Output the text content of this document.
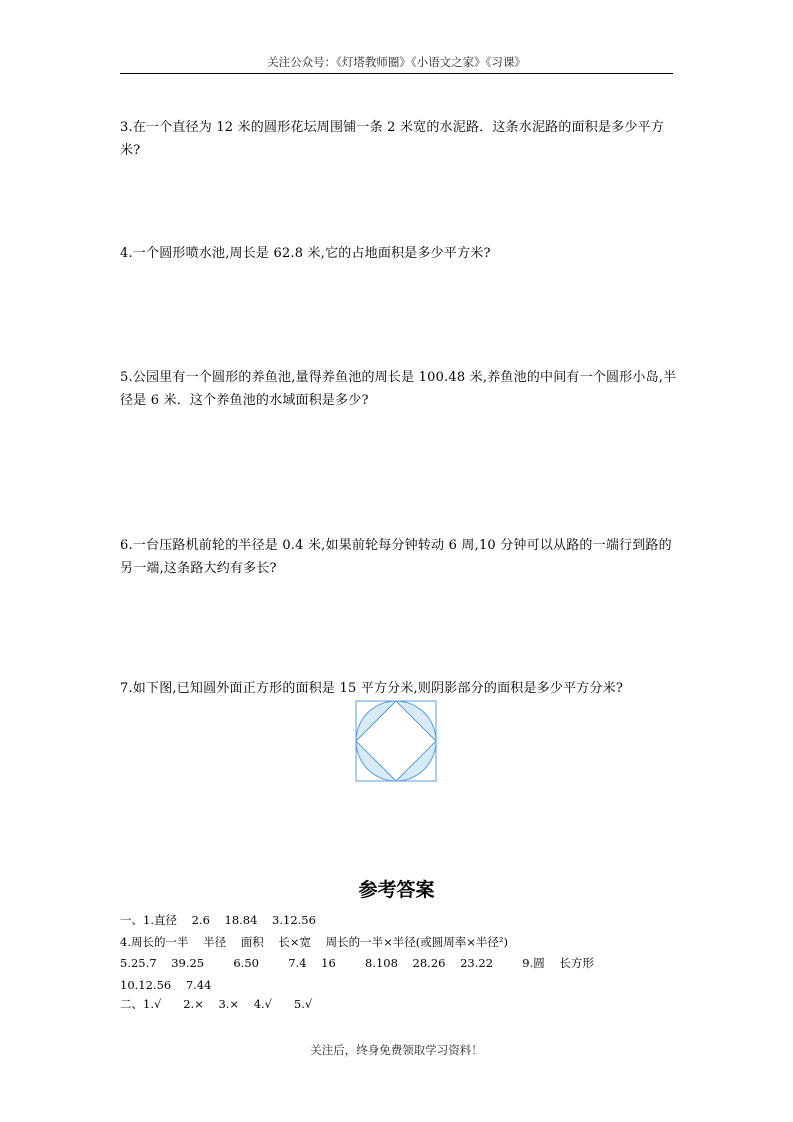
关注公众号：《灯塔教师圈》《小语文之家》《习课》
3.在一个直径为 12 米的圆形花坛周围铺一条 2 米宽的水泥路．这条水泥路的面积是多少平方米?
4.一个圆形喷水池,周长是 62.8 米,它的占地面积是多少平方米?
5.公园里有一个圆形的养鱼池,量得养鱼池的周长是 100.48 米,养鱼池的中间有一个圆形小岛,半径是 6 米．这个养鱼池的水域面积是多少?
6.一台压路机前轮的半径是 0.4 米,如果前轮每分钟转动 6 周,10 分钟可以从路的一端行到路的另一端,这条路大约有多长?
7.如下图,已知圆外面正方形的面积是 15 平方分米,则阴影部分的面积是多少平方分米?
参考答案
一、1.直径    2.6    18.84    3.12.56
4.周长的一半    半径    面积    长×宽    周长的一半×半径(或圆周率×半径²)
5.25.7    39.25        6.50        7.4    16        8.108    28.26    23.22        9.圆    长方形
10.12.56    7.44
二、1.√      2.×    3.×    4.√      5.√
关注后，终身免费领取学习资料！
